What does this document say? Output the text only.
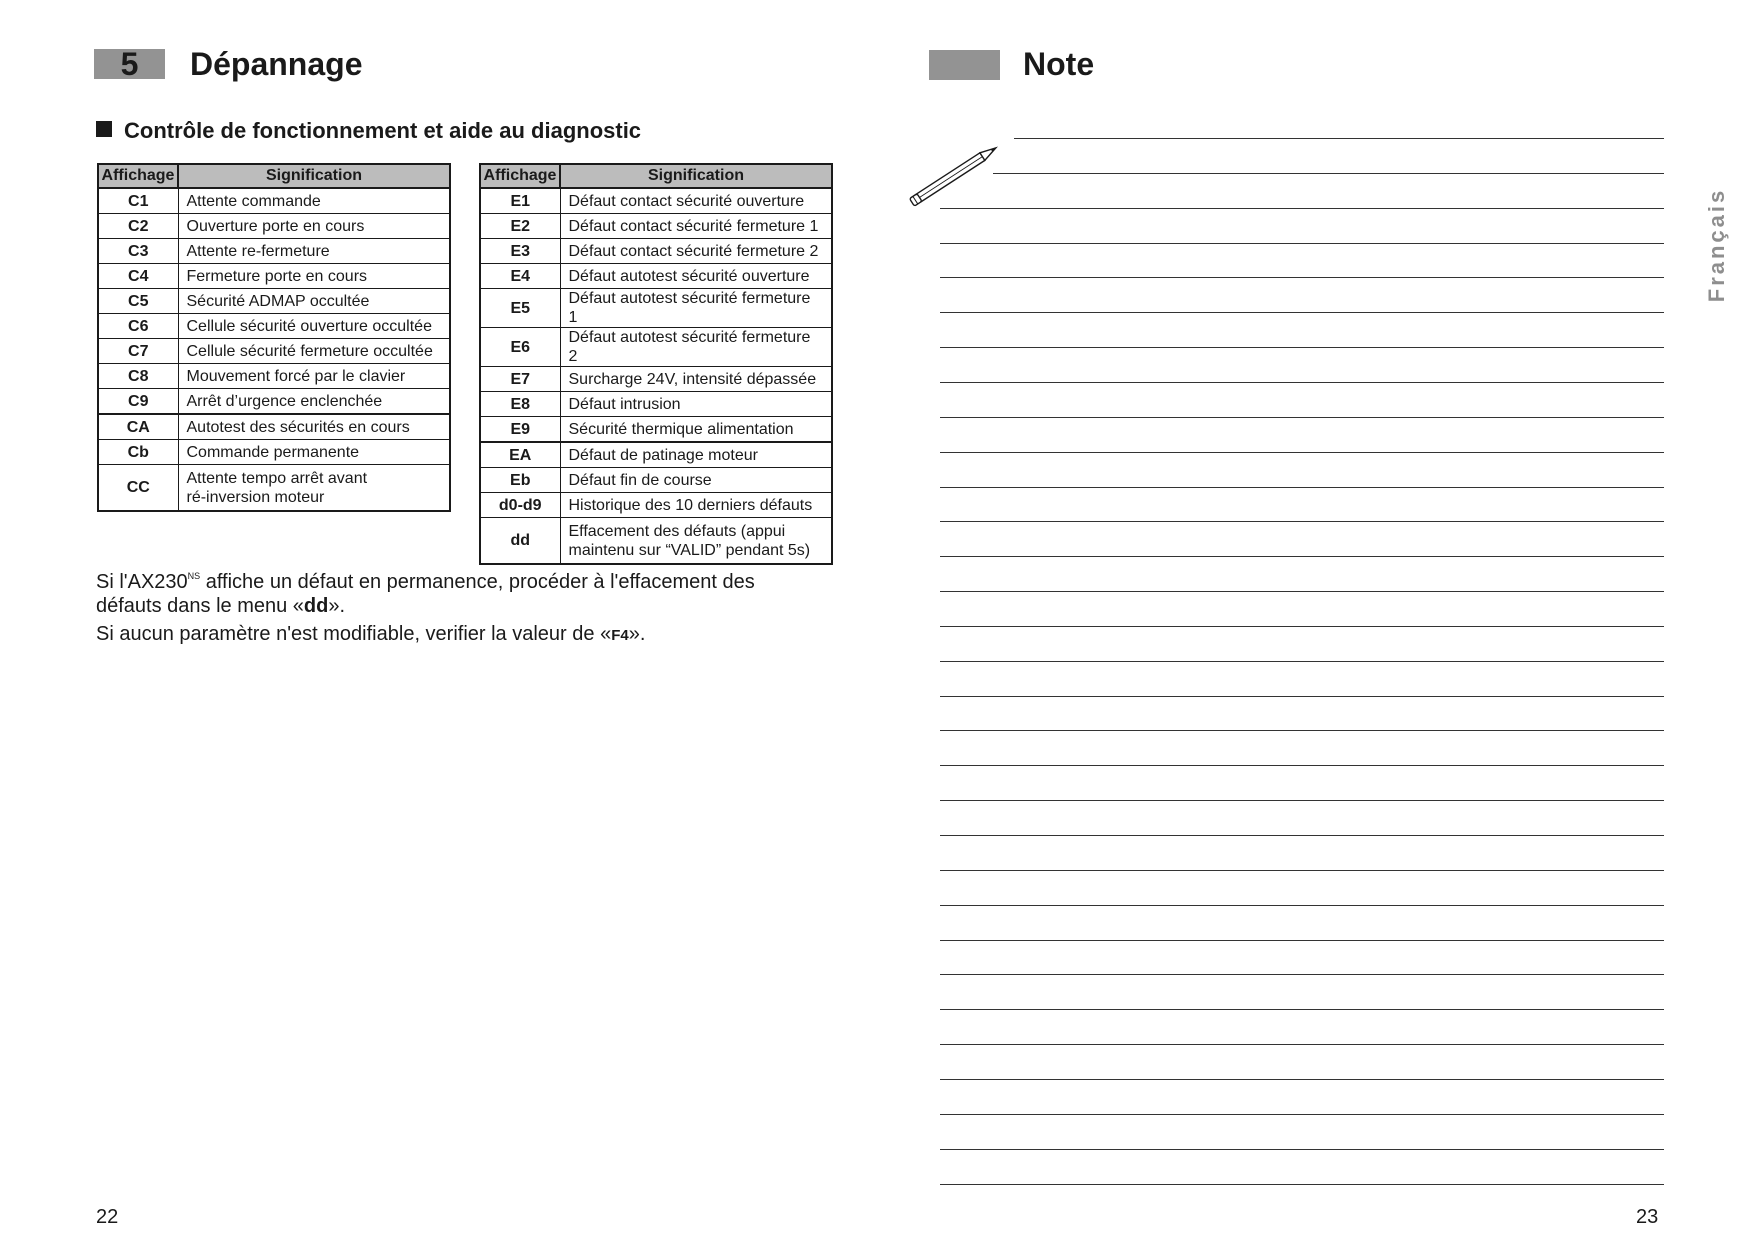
5	Dépannage
Contrôle de fonctionnement et aide au diagnostic
Affichage	Signification
C1	Attente commande
C2	Ouverture porte en cours
C3	Attente re-fermeture
C4	Fermeture porte en cours
C5	Sécurité ADMAP occultée
C6	Cellule sécurité ouverture occultée
C7	Cellule sécurité fermeture occultée
C8	Mouvement forcé par le clavier
C9	Arrêt d’urgence enclenchée
CA	Autotest des sécurités en cours
Cb	Commande permanente
CC	Attente tempo arrêt avant
ré-inversion moteur
Affichage	Signification
E1	Défaut contact sécurité ouverture
E2	Défaut contact sécurité fermeture 1
E3	Défaut contact sécurité fermeture 2
E4	Défaut autotest sécurité ouverture
E5	Défaut autotest sécurité fermeture 1
E6	Défaut autotest sécurité fermeture 2
E7	Surcharge 24V, intensité dépassée
E8	Défaut intrusion
E9	Sécurité thermique alimentation
EA	Défaut de patinage moteur
Eb	Défaut fin de course
d0-d9	Historique des 10 derniers défauts
dd	Effacement des défauts (appui
maintenu sur “VALID” pendant 5s)
Si $l'AX230^{NS}$ affiche un défaut en permanence, procéder à l'effacement des
défauts dans le menu «dd».
Si aucun paramètre n'est modifiable, verifier la valeur de «F4».
22
Note
Français
23
